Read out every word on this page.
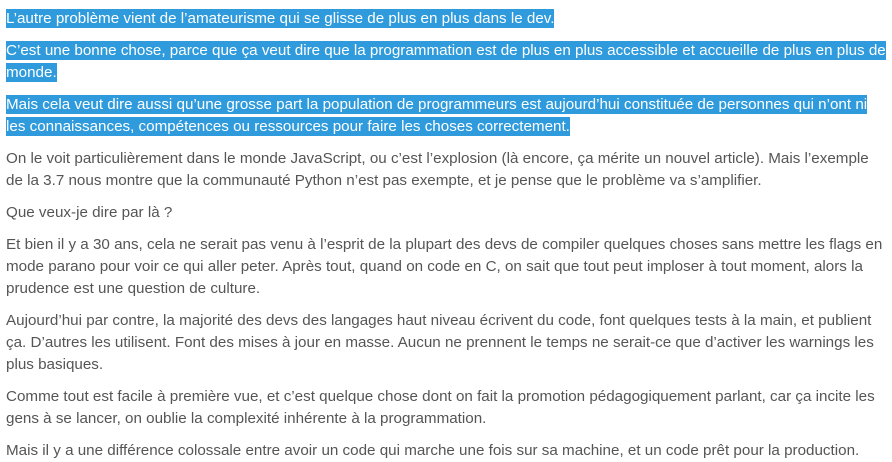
L’autre problème vient de l’amateurisme qui se glisse de plus en plus dans le dev.

C’est une bonne chose, parce que ça veut dire que la programmation est de plus en plus accessible et accueille de plus en plus de monde.

Mais cela veut dire aussi qu’une grosse part la population de programmeurs est aujourd’hui constituée de personnes qui n’ont ni les connaissances, compétences ou ressources pour faire les choses correctement.

On le voit particulièrement dans le monde JavaScript, ou c’est l’explosion (là encore, ça mérite un nouvel article). Mais l’exemple de la 3.7 nous montre que la communauté Python n’est pas exempte, et je pense que le problème va s’amplifier.

Que veux-je dire par là ?

Et bien il y a 30 ans, cela ne serait pas venu à l’esprit de la plupart des devs de compiler quelques choses sans mettre les flags en mode parano pour voir ce qui aller peter. Après tout, quand on code en C, on sait que tout peut imploser à tout moment, alors la prudence est une question de culture.

Aujourd’hui par contre, la majorité des devs des langages haut niveau écrivent du code, font quelques tests à la main, et publient ça. D’autres les utilisent. Font des mises à jour en masse. Aucun ne prennent le temps ne serait-ce que d’activer les warnings les plus basiques.

Comme tout est facile à première vue, et c’est quelque chose dont on fait la promotion pédagogiquement parlant, car ça incite les gens à se lancer, on oublie la complexité inhérente à la programmation.

Mais il y a une différence colossale entre avoir un code qui marche une fois sur sa machine, et un code prêt pour la production.
